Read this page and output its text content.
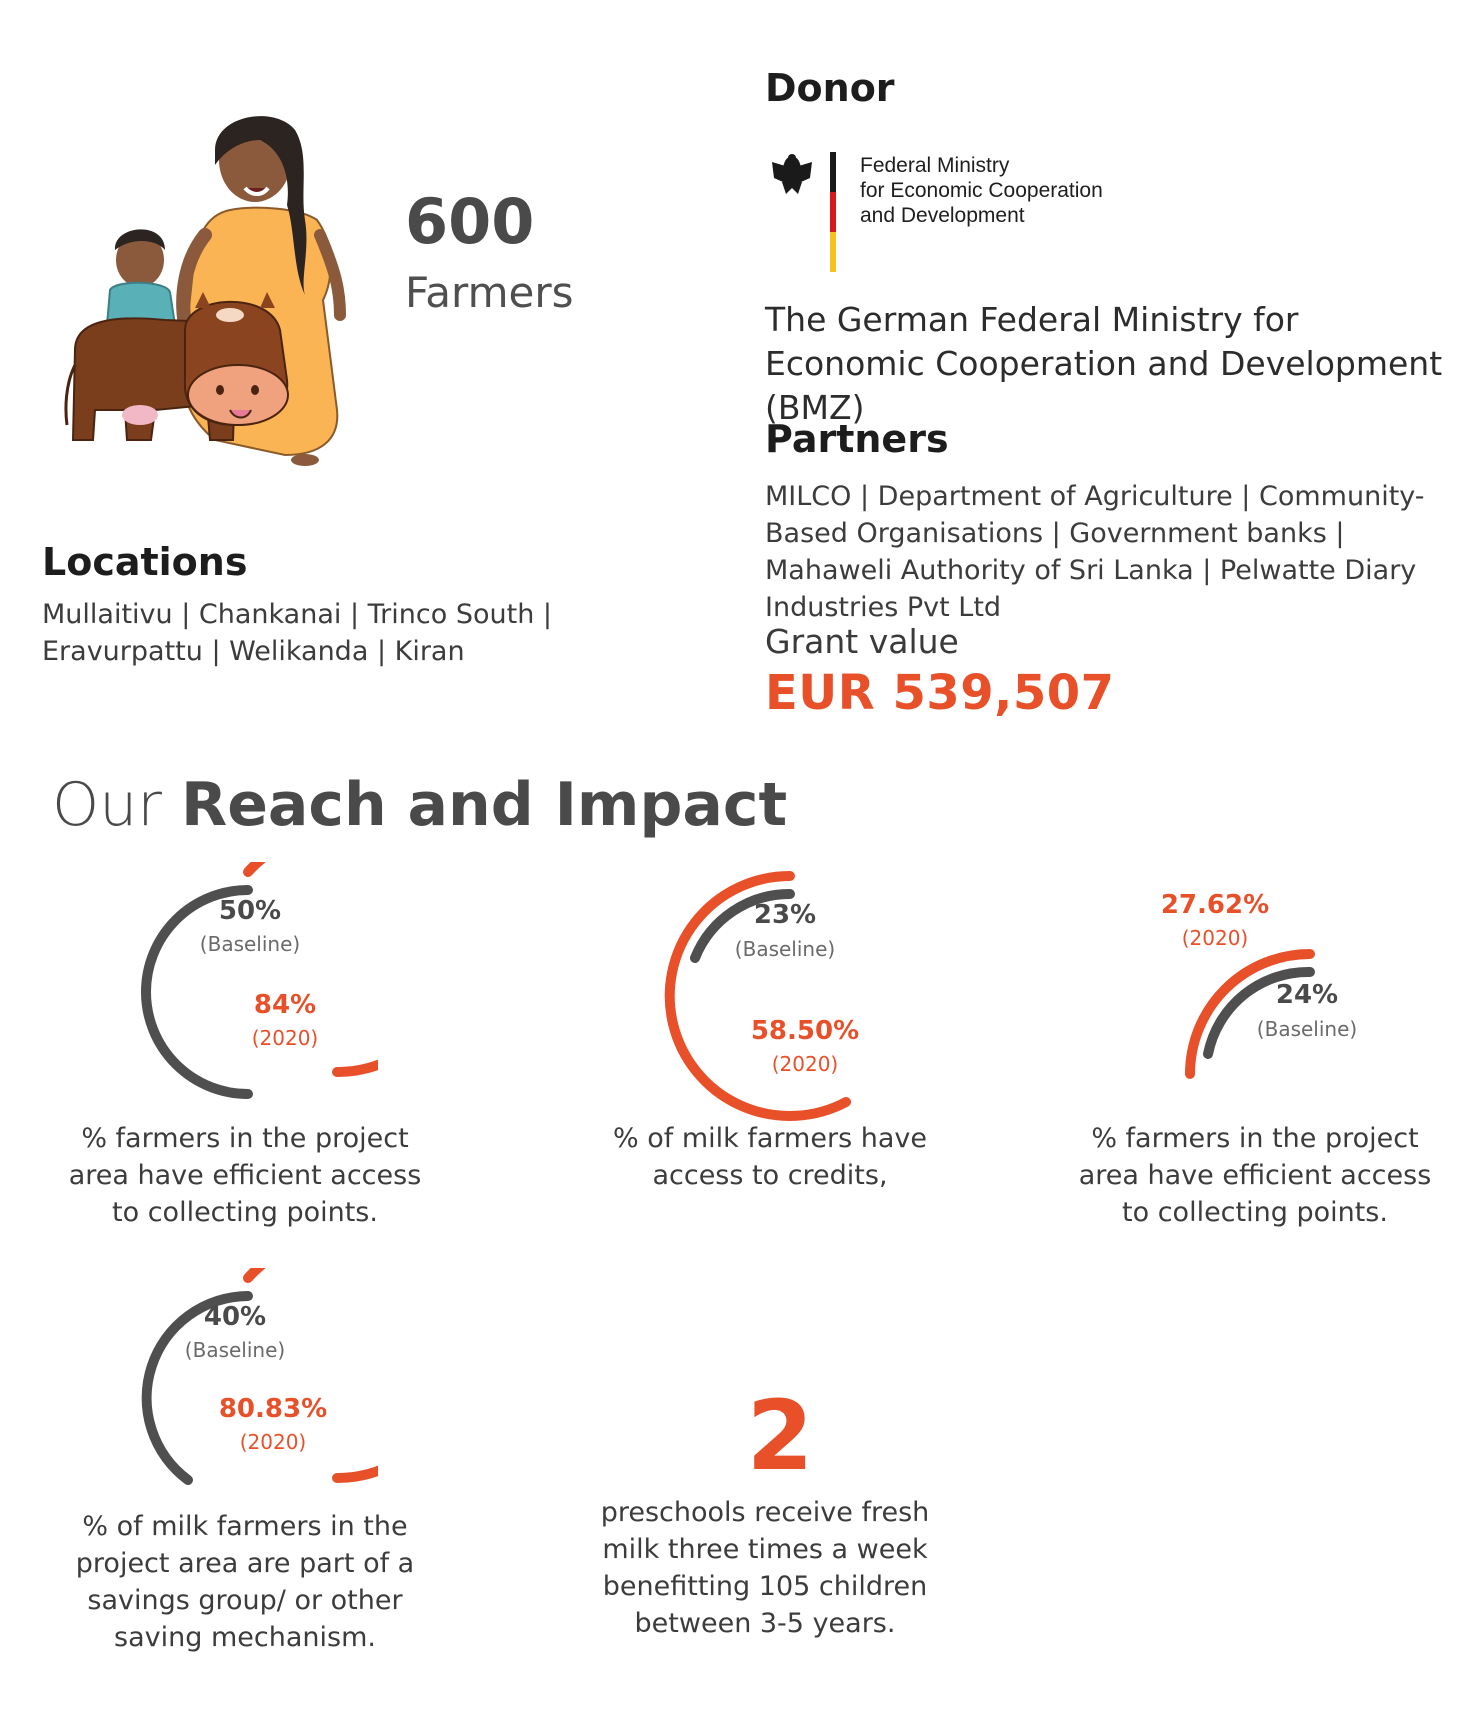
600
Farmers
Locations
Mullaitivu | Chankanai | Trinco South | Eravurpattu | Welikanda | Kiran
Donor
Federal Ministry
for Economic Cooperation
and Development
The German Federal Ministry for Economic Cooperation and Development (BMZ)
Partners
MILCO | Department of Agriculture | Community-Based Organisations | Government banks | Mahaweli Authority of Sri Lanka | Pelwatte Diary Industries Pvt Ltd
Grant value
EUR 539,507
Our Reach and Impact
50%
(Baseline)
84%
(2020)
% farmers in the project area have efficient access to collecting points.
23%
(Baseline)
58.50%
(2020)
% of milk farmers have access to credits,
27.62%
(2020)
24%
(Baseline)
% farmers in the project area have efficient access to collecting points.
40%
(Baseline)
80.83%
(2020)
% of milk farmers in the project area are part of a savings group/ or other saving mechanism.
2
preschools receive fresh milk three times a week benefitting 105 children between 3-5 years.
